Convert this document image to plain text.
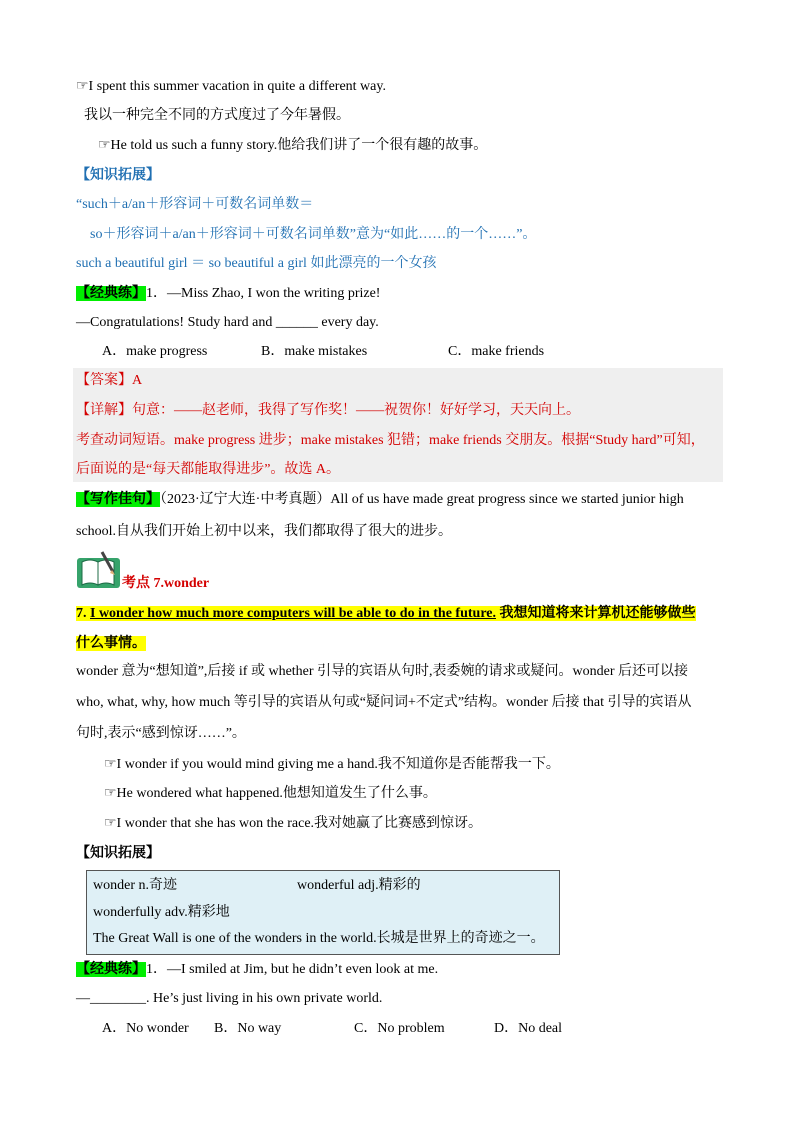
☞I spent this summer vacation in quite a different way.
我以一种完全不同的方式度过了今年暑假。
☞He told us such a funny story.他给我们讲了一个很有趣的故事。
【知识拓展】
“such＋a/an＋形容词＋可数名词单数＝
so＋形容词＋a/an＋形容词＋可数名词单数”意为“如此……的一个……”。
such a beautiful girl ＝ so beautiful a girl 如此漂亮的一个女孩
【经典练】1．—Miss Zhao, I won the writing prize!
—Congratulations! Study hard and ______ every day.
A．make progress	B．make mistakes	C．make friends
【答案】A
【详解】句意：——赵老师，我得了写作奖！——祝贺你！好好学习，天天向上。
考查动词短语。make progress 进步；make mistakes 犯错；make friends 交朋友。根据“Study hard”可知，
后面说的是“每天都能取得进步”。故选 A。
【写作佳句】（2023·辽宁大连·中考真题）All of us have made great progress since we started junior high
school.自从我们开始上初中以来，我们都取得了很大的进步。
考点 7.wonder
7. I wonder how much more computers will be able to do in the future. 我想知道将来计算机还能够做些
什么事情。
wonder 意为“想知道”,后接 if 或 whether 引导的宾语从句时,表委婉的请求或疑问。wonder 后还可以接
who, what, why, how much 等引导的宾语从句或“疑问词+不定式”结构。wonder 后接 that 引导的宾语从
句时,表示“感到惊讶……”。
☞I wonder if you would mind giving me a hand.我不知道你是否能帮我一下。
☞He wondered what happened.他想知道发生了什么事。
☞I wonder that she has won the race.我对她赢了比赛感到惊讶。
【知识拓展】
wonder n.奇迹	wonderful adj.精彩的
wonderfully adv.精彩地
The Great Wall is one of the wonders in the world.长城是世界上的奇迹之一。
【经典练】1．—I smiled at Jim, but he didn’t even look at me.
—________. He’s just living in his own private world.
A．No wonder B．No way	C．No problem	D．No deal
